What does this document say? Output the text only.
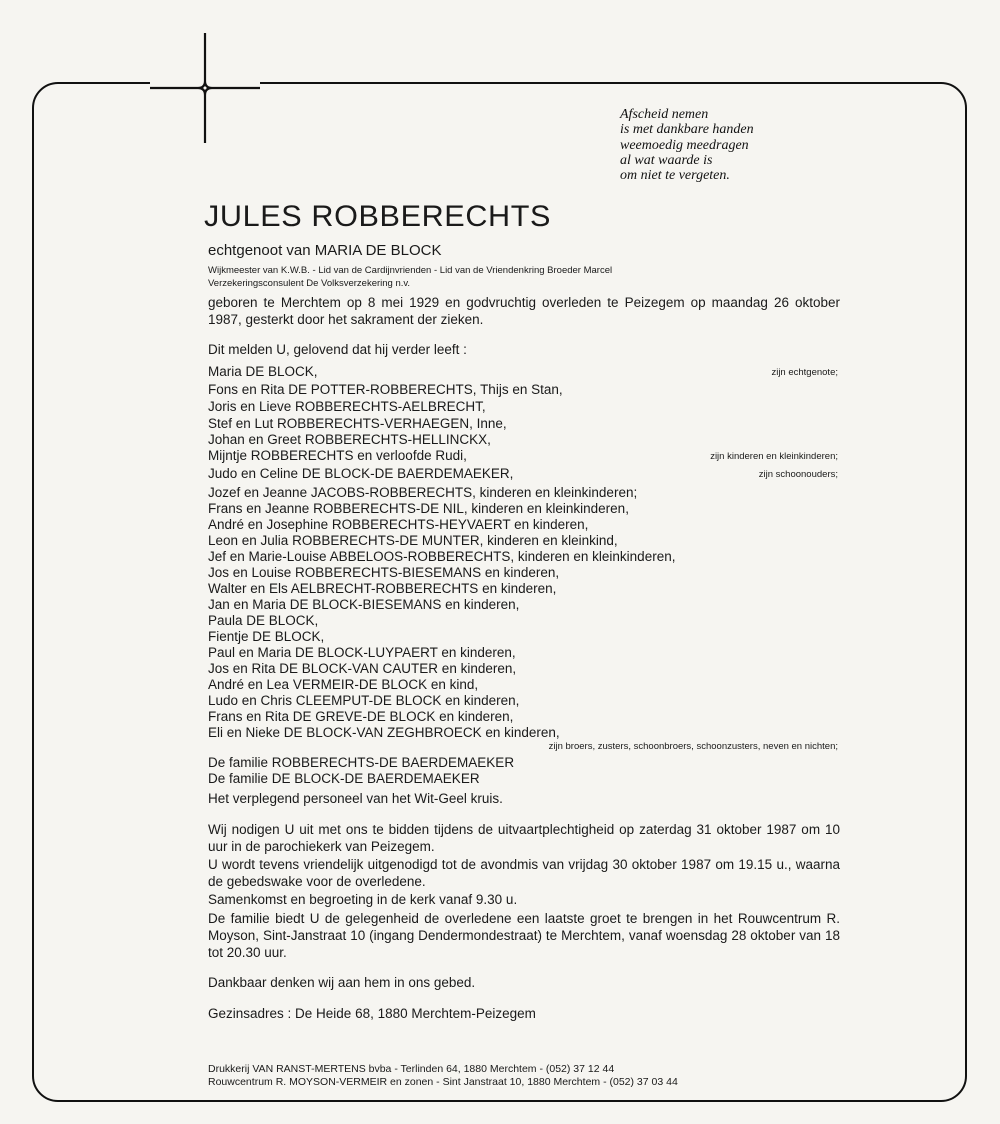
Afscheid nemen
is met dankbare handen
weemoedig meedragen
al wat waarde is
om niet te vergeten.
JULES ROBBERECHTS
echtgenoot van MARIA DE BLOCK
Wijkmeester van K.W.B. - Lid van de Cardijnvrienden - Lid van de Vriendenkring Broeder Marcel
Verzekeringsconsulent De Volksverzekering n.v.
geboren te Merchtem op 8 mei 1929 en godvruchtig overleden te Peizegem op maandag 26 oktober 1987, gesterkt door het sakrament der zieken.
Dit melden U, gelovend dat hij verder leeft :
Maria DE BLOCK,	zijn echtgenote;
Fons en Rita DE POTTER-ROBBERECHTS, Thijs en Stan,
Joris en Lieve ROBBERECHTS-AELBRECHT,
Stef en Lut ROBBERECHTS-VERHAEGEN, Inne,
Johan en Greet ROBBERECHTS-HELLINCKX,
Mijntje ROBBERECHTS en verloofde Rudi,	zijn kinderen en kleinkinderen;
Judo en Celine DE BLOCK-DE BAERDEMAEKER,	zijn schoonouders;
Jozef en Jeanne JACOBS-ROBBERECHTS, kinderen en kleinkinderen;
Frans en Jeanne ROBBERECHTS-DE NIL, kinderen en kleinkinderen,
André en Josephine ROBBERECHTS-HEYVAERT en kinderen,
Leon en Julia ROBBERECHTS-DE MUNTER, kinderen en kleinkind,
Jef en Marie-Louise ABBELOOS-ROBBERECHTS, kinderen en kleinkinderen,
Jos en Louise ROBBERECHTS-BIESEMANS en kinderen,
Walter en Els AELBRECHT-ROBBERECHTS en kinderen,
Jan en Maria DE BLOCK-BIESEMANS en kinderen,
Paula DE BLOCK,
Fientje DE BLOCK,
Paul en Maria DE BLOCK-LUYPAERT en kinderen,
Jos en Rita DE BLOCK-VAN CAUTER en kinderen,
André en Lea VERMEIR-DE BLOCK en kind,
Ludo en Chris CLEEMPUT-DE BLOCK en kinderen,
Frans en Rita DE GREVE-DE BLOCK en kinderen,
Eli en Nieke DE BLOCK-VAN ZEGHBROECK en kinderen,
zijn broers, zusters, schoonbroers, schoonzusters, neven en nichten;
De familie ROBBERECHTS-DE BAERDEMAEKER
De familie DE BLOCK-DE BAERDEMAEKER
Het verplegend personeel van het Wit-Geel kruis.
Wij nodigen U uit met ons te bidden tijdens de uitvaartplechtigheid op zaterdag 31 oktober 1987 om 10 uur in de parochiekerk van Peizegem.
U wordt tevens vriendelijk uitgenodigd tot de avondmis van vrijdag 30 oktober 1987 om 19.15 u., waarna de gebedswake voor de overledene.
Samenkomst en begroeting in de kerk vanaf 9.30 u.
De familie biedt U de gelegenheid de overledene een laatste groet te brengen in het Rouwcentrum R. Moyson, Sint-Janstraat 10 (ingang Dendermondestraat) te Merchtem, vanaf woensdag 28 oktober van 18 tot 20.30 uur.
Dankbaar denken wij aan hem in ons gebed.
Gezinsadres : De Heide 68, 1880 Merchtem-Peizegem
Drukkerij VAN RANST-MERTENS bvba - Terlinden 64, 1880 Merchtem - (052) 37 12 44
Rouwcentrum R. MOYSON-VERMEIR en zonen - Sint Janstraat 10, 1880 Merchtem - (052) 37 03 44
